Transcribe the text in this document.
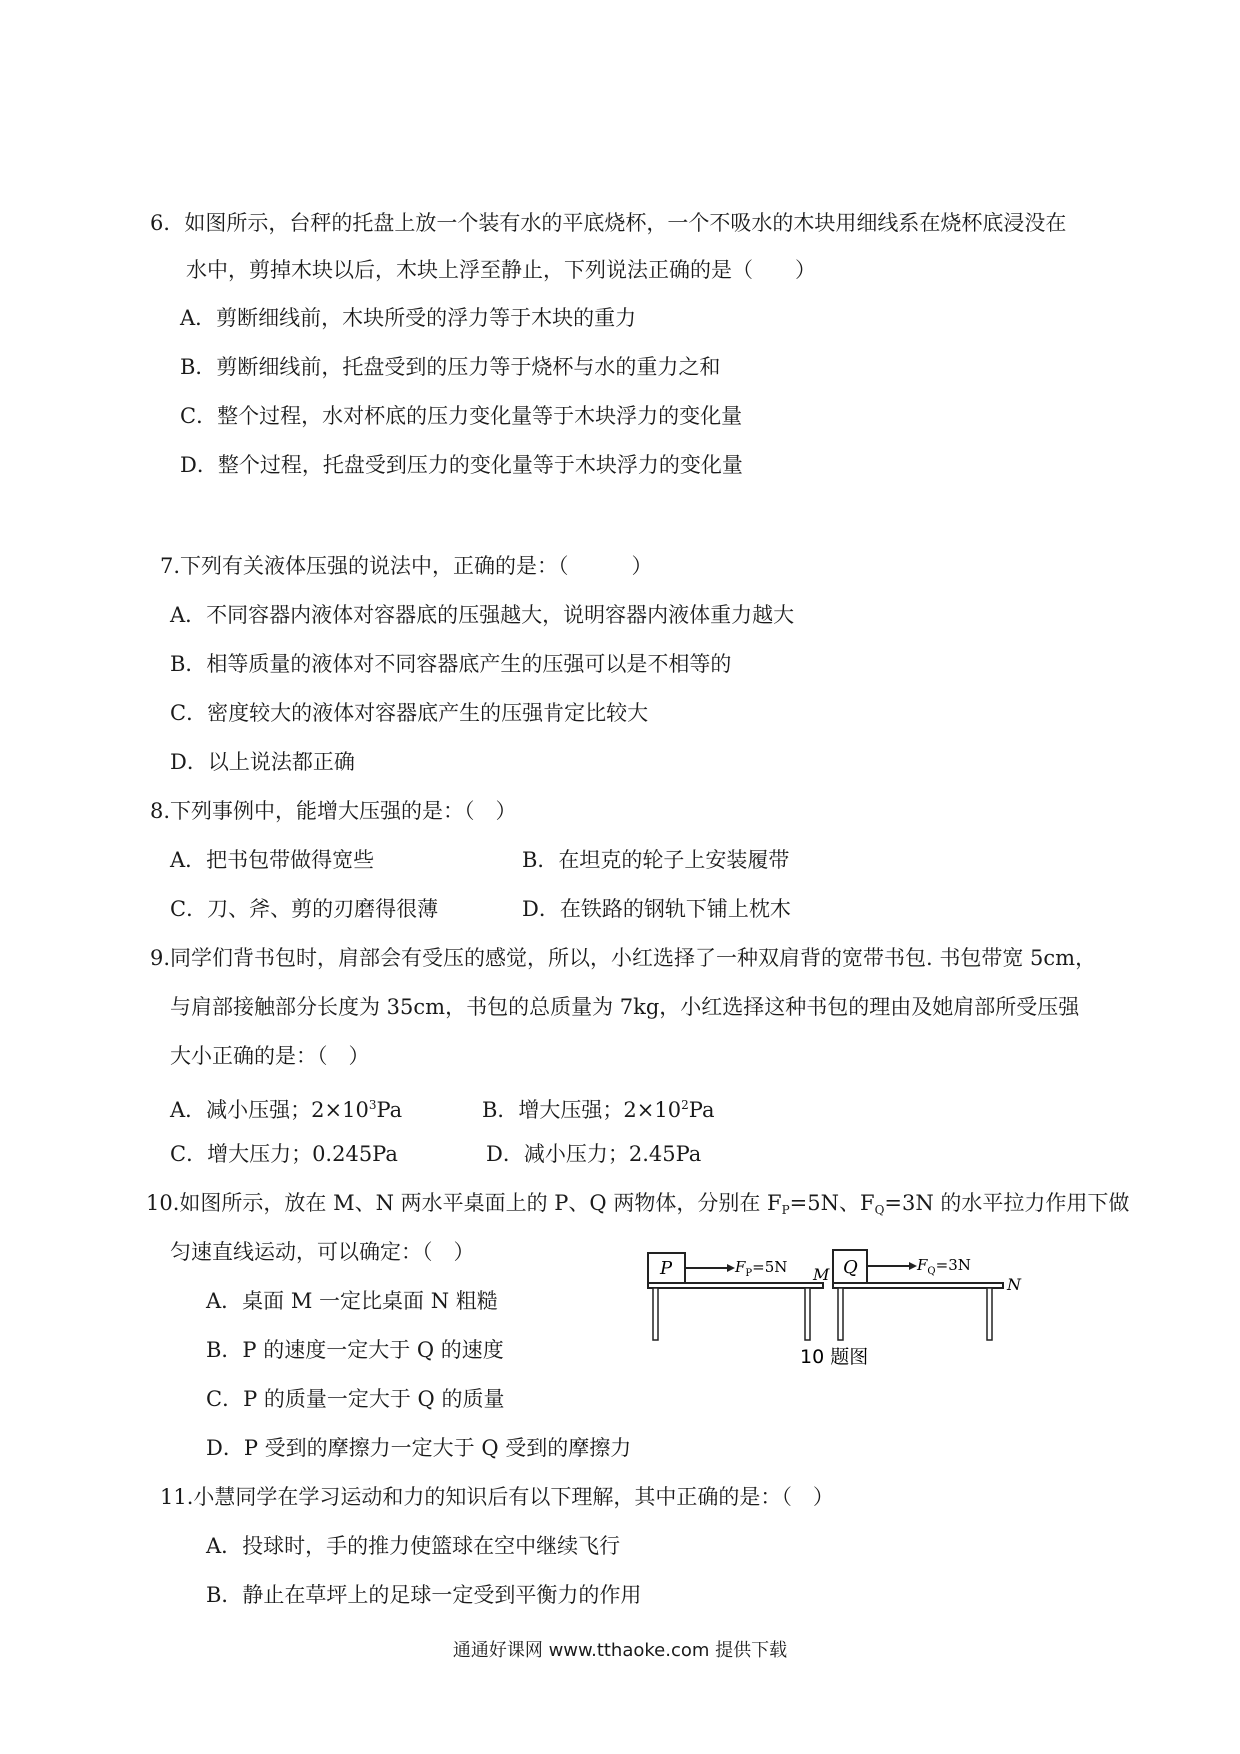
6．如图所示，台秤的托盘上放一个装有水的平底烧杯，一个不吸水的木块用细线系在烧杯底浸没在
水中，剪掉木块以后，木块上浮至静止，下列说法正确的是（　　）
A．剪断细线前，木块所受的浮力等于木块的重力
B．剪断细线前，托盘受到的压力等于烧杯与水的重力之和
C．整个过程，水对杯底的压力变化量等于木块浮力的变化量
D．整个过程，托盘受到压力的变化量等于木块浮力的变化量
7.下列有关液体压强的说法中，正确的是：（　　　）
A．不同容器内液体对容器底的压强越大，说明容器内液体重力越大
B．相等质量的液体对不同容器底产生的压强可以是不相等的
C．密度较大的液体对容器底产生的压强肯定比较大
D．以上说法都正确
8.下列事例中，能增大压强的是：（　）
A．把书包带做得宽些	B．在坦克的轮子上安装履带
C．刀、斧、剪的刃磨得很薄	D．在铁路的钢轨下铺上枕木
9.同学们背书包时，肩部会有受压的感觉，所以，小红选择了一种双肩背的宽带书包. 书包带宽 5cm，
与肩部接触部分长度为 35cm，书包的总质量为 7kg，小红选择这种书包的理由及她肩部所受压强
大小正确的是：（　）
A．减小压强；$2\times 10^3Pa$	B．增大压强；$2\times 10^2Pa$
C．增大压力；0.245Pa	D．减小压力；2.45Pa
10.如图所示，放在 M、N 两水平桌面上的 P、Q 两物体，分别在 $F_P=5N$、$F_Q=3N$ 的水平拉力作用下做
匀速直线运动，可以确定：（　）
A．桌面 M 一定比桌面 N 粗糙
B．P 的速度一定大于 Q 的速度
C．P 的质量一定大于 Q 的质量
D．P 受到的摩擦力一定大于 Q 受到的摩擦力
P	$F_P=5N$ M Q	$F_Q=3N$
N
10 题图
11.小慧同学在学习运动和力的知识后有以下理解，其中正确的是：（　）
A．投球时，手的推力使篮球在空中继续飞行
B．静止在草坪上的足球一定受到平衡力的作用
通通好课网 www.tthaoke.com 提供下载
